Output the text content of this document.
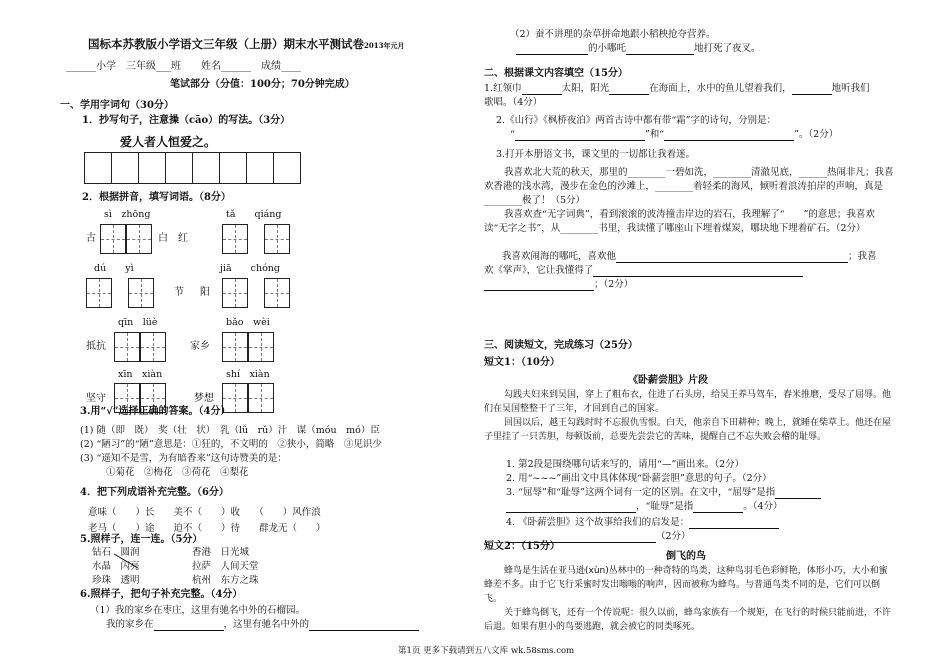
国标本苏教版小学语文三年级（上册）期末水平测试卷2013年元月
______小学　三年级___班　　姓名______　成绩____
笔试部分（分值：100分；70分钟完成）
一、学用字词句（30分）
1．抄写句子，注意操（cāo）的写法。（3分）
爱人者人恒爱之。
2．根据拼音，填写词语。（8分）
sì　zhōng	tǎ　　qiáng
古	白　红
dú　　yì	jiā　　chóng
节 阳
qīn　lüè	bǎo　wèi
抵抗	家乡
xīn　xiàn	shí　xiàn
坚守	梦想
3.用“√”选择正确的答案。（4分）
(1) 随（即　既）　奖（壮　状）　乳（lǚ　rǔ）汁　谋（móu　mó）臣
(2) “陋习”的“陋”意思是：①狂的，不文明的　②狭小，简略　③见识少
(3) “遥知不是雪，为有暗香来”这句诗赞美的是：
①菊花　②梅花　③荷花　④梨花
4．把下列成语补充完整。（6分）
意味（　　）长　　美不（　　）收　　（　　）风作浪
老马（　　）途　　迫不（　　）待　　群龙无（　　）
5.照样子，连一连。（5分）
钻石　圆润
水晶　闪亮
珍珠　透明
香港　日光城
拉萨　人间天堂
杭州　东方之珠
6.照样子，把句子补充完整。（4分）
（1）我的家乡在枣庄，这里有驰名中外的石榴园。
我的家乡在	，这里有驰名中外的
（2）蚕不讲理的杂草拼命地跟小稻秧抢夺营养。
的小哪吒	地打死了夜叉。
二、根据课文内容填空（15分）
1.红领巾	太阳，阳光	在海面上，水中的鱼儿望着我们，	地听我们
歌唱。（4分）
2.《山行》《枫桥夜泊》两首古诗中都有带“霜”字的诗句，分别是：
“	”和“	”。（2分）
3.打开本册语文书，课文里的一切都让我着迷。

我喜欢北大荒的秋天，那里的________一碧如洗，________清澈见底，______热闹非凡；我喜欢香港的浅水湾，漫步在金色的沙滩上，________着轻柔的海风，倾听着浪涛拍岸的声响，真是________极了！（5分）

我喜欢查“无字词典”，看到滚滚的波涛撞击岸边的岩石，我理解了“　　”的意思；我喜欢读“无字之书”，从________书里，我读懂了哪座山下埋着煤炭，哪块地下埋着矿石。（2分）

我喜欢闹海的哪吒，喜欢他	；我喜
欢《掌声》，它让我懂得了
；（2分）
三、阅读短文，完成练习（25分）
短文1：（10分）
《卧薪尝胆》片段

勾践夫妇来到吴国，穿上了粗布衣，住进了石头房，给吴王养马驾车，舂米推磨，受尽了屈辱。他们在吴国整整干了三年，才回到自己的国家。

回国以后，越王勾践时时不忘报仇雪恨。白天，他亲自下田耕种；晚上，就睡在柴草上。他还在屋子里挂了一只苦胆，每顿饭前，总要先尝尝它的苦味，提醒自己不忘失败会稽的耻辱。

1. 第2段是围绕哪句话来写的，请用“—”画出来。（2分）
2. 用“~~~”画出文中具体体现“卧薪尝胆”意思的句子。（2分）
3. “屈辱”和“耻辱”这两个词有一定的区别。在文中，“屈辱”是指
，“耻辱”是指	。（4分）
4. 《卧薪尝胆》这个故事给我们的启发是：
（2分）
短文2：（15分）
倒飞的鸟

蜂鸟是生活在亚马逊(xùn)丛林中的一种奇特的鸟类，这种鸟羽毛色彩鲜艳，体形小巧，大小和蜜蜂差不多。由于它飞行采蜜时发出嗡嗡的响声，因而被称为蜂鸟。与普通鸟类不同的是，它们可以倒飞。

关于蜂鸟倒飞，还有一个传说呢：很久以前，蜂鸟家族有一个规矩，在飞行的时候只能前进，不许后退。如果有胆小的鸟要逃跑，就会被它的同类啄死。

第1页 更多下载请到五八文库 wk.58sms.com
